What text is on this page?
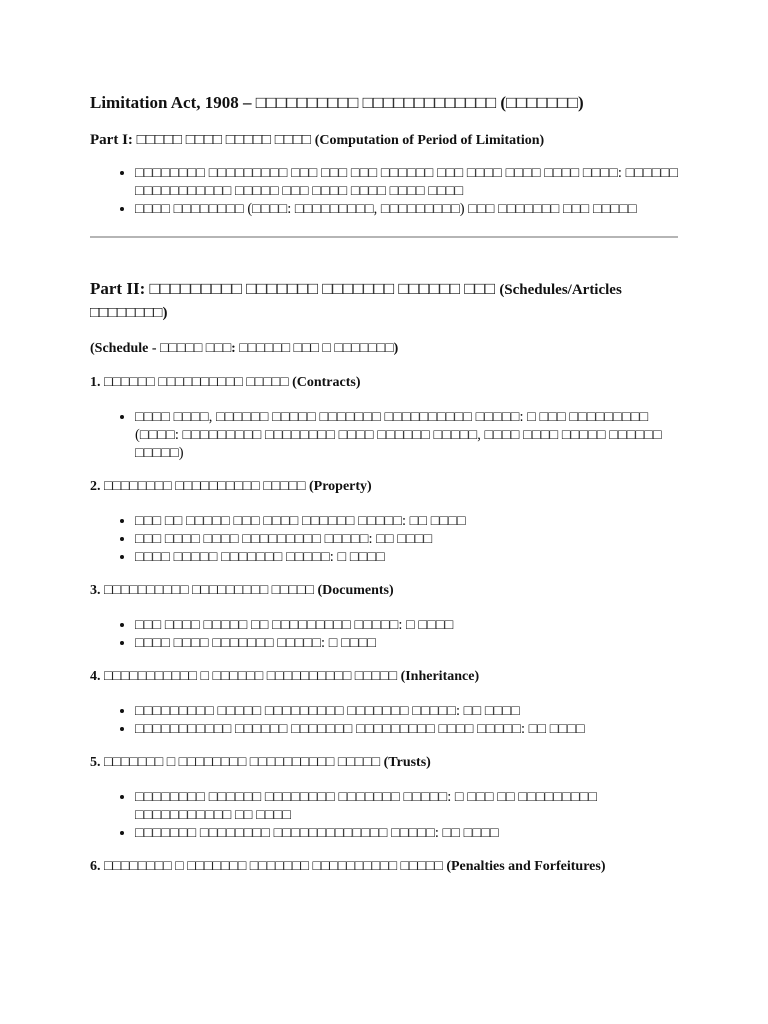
Limitation Act, 1908 – □□□□□□□□□□ □□□□□□□□□□□□□ (□□□□□□□)
Part I: □□□□□ □□□□ □□□□□ □□□□ (Computation of Period of Limitation)
• □□□□□□□□ □□□□□□□□□ □□□ □□□ □□□ □□□□□□ □□□ □□□□ □□□□ □□□□ □□□□: □□□□□□ □□□□□□□□□□□ □□□□□ □□□ □□□□ □□□□ □□□□ □□□□
• □□□□ □□□□□□□□ (□□□□: □□□□□□□□□, □□□□□□□□□) □□□ □□□□□□□ □□□ □□□□□
Part II: □□□□□□□□□ □□□□□□□ □□□□□□□ □□□□□□ □□□ (Schedules/Articles □□□□□□□□)
(Schedule - □□□□□ □□□: □□□□□□ □□□ □ □□□□□□□)
1. □□□□□□ □□□□□□□□□□ □□□□□ (Contracts)
• □□□□ □□□□, □□□□□□ □□□□□ □□□□□□□ □□□□□□□□□□ □□□□□: □ □□□ □□□□□□□□□ (□□□□: □□□□□□□□□ □□□□□□□□ □□□□ □□□□□□ □□□□□, □□□□ □□□□ □□□□□ □□□□□□ □□□□□)
2. □□□□□□□□ □□□□□□□□□□ □□□□□ (Property)
• □□□ □□ □□□□□ □□□ □□□□ □□□□□□ □□□□□: □□ □□□□
• □□□ □□□□ □□□□ □□□□□□□□□ □□□□□: □□ □□□□
• □□□□ □□□□□ □□□□□□□ □□□□□: □ □□□□
3. □□□□□□□□□□ □□□□□□□□□ □□□□□ (Documents)
• □□□ □□□□ □□□□□ □□ □□□□□□□□□ □□□□□: □ □□□□
• □□□□ □□□□ □□□□□□□ □□□□□: □ □□□□
4. □□□□□□□□□□□ □ □□□□□□ □□□□□□□□□□ □□□□□ (Inheritance)
• □□□□□□□□□ □□□□□ □□□□□□□□□ □□□□□□□ □□□□□: □□ □□□□
• □□□□□□□□□□□ □□□□□□ □□□□□□□ □□□□□□□□□ □□□□ □□□□□: □□ □□□□
5. □□□□□□□ □ □□□□□□□□ □□□□□□□□□□ □□□□□ (Trusts)
• □□□□□□□□ □□□□□□ □□□□□□□□ □□□□□□□ □□□□□: □ □□□ □□ □□□□□□□□□ □□□□□□□□□□□ □□ □□□□
• □□□□□□□ □□□□□□□□ □□□□□□□□□□□□□ □□□□□: □□ □□□□
6. □□□□□□□□ □ □□□□□□□ □□□□□□□ □□□□□□□□□□ □□□□□ (Penalties and Forfeitures)
